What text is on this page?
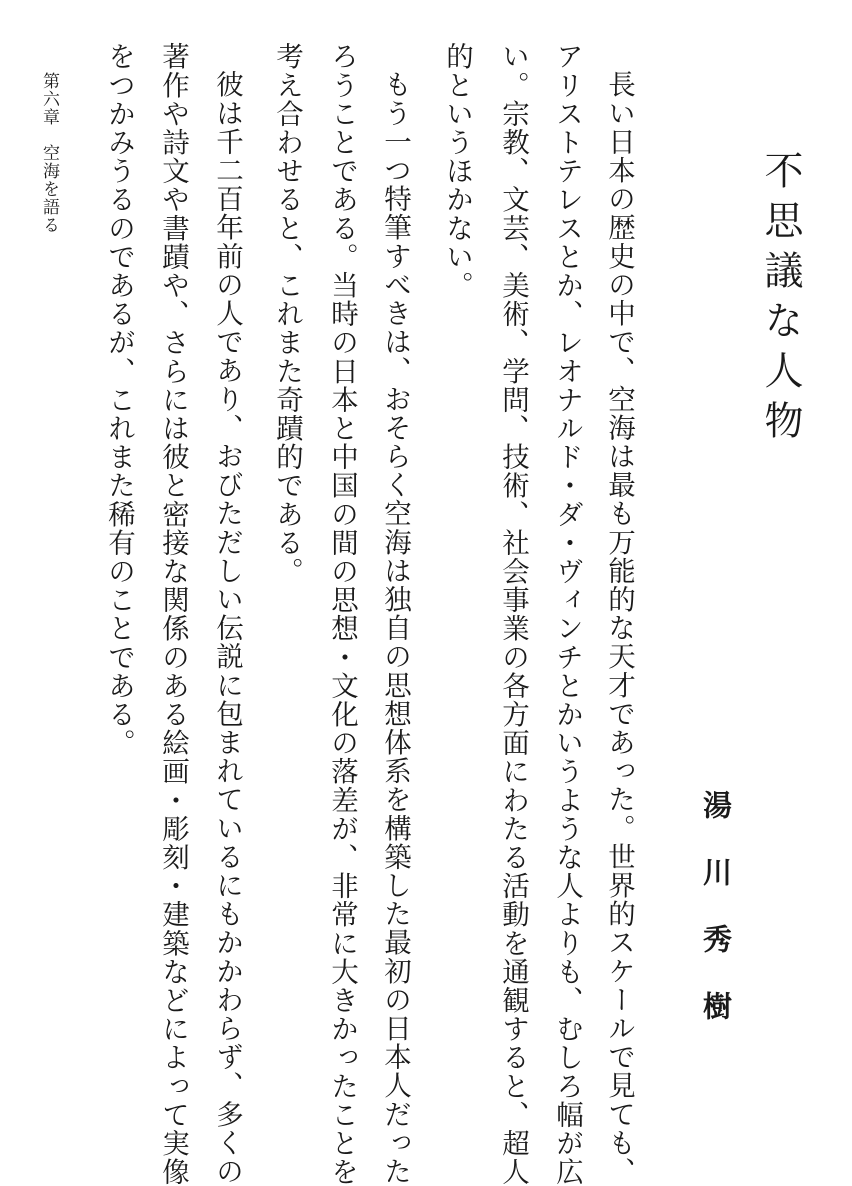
不思議な人物
湯川秀樹
長い日本の歴史の中で、空海は最も万能的な天才であった。世界的スケールで見ても、
アリストテレスとか、レオナルド・ダ・ヴィンチとかいうような人よりも、むしろ幅が広
い。宗教、文芸、美術、学問、技術、社会事業の各方面にわたる活動を通観すると、超人
的というほかない。
もう一つ特筆すべきは、おそらく空海は独自の思想体系を構築した最初の日本人だった
ろうことである。当時の日本と中国の間の思想・文化の落差が、非常に大きかったことを
考え合わせると、これまた奇蹟的である。
彼は千二百年前の人であり、おびただしい伝説に包まれているにもかかわらず、多くの
著作や詩文や書蹟や、さらには彼と密接な関係のある絵画・彫刻・建築などによって実像
をつかみうるのであるが、これまた稀有のことである。
第六章　空海を語る
